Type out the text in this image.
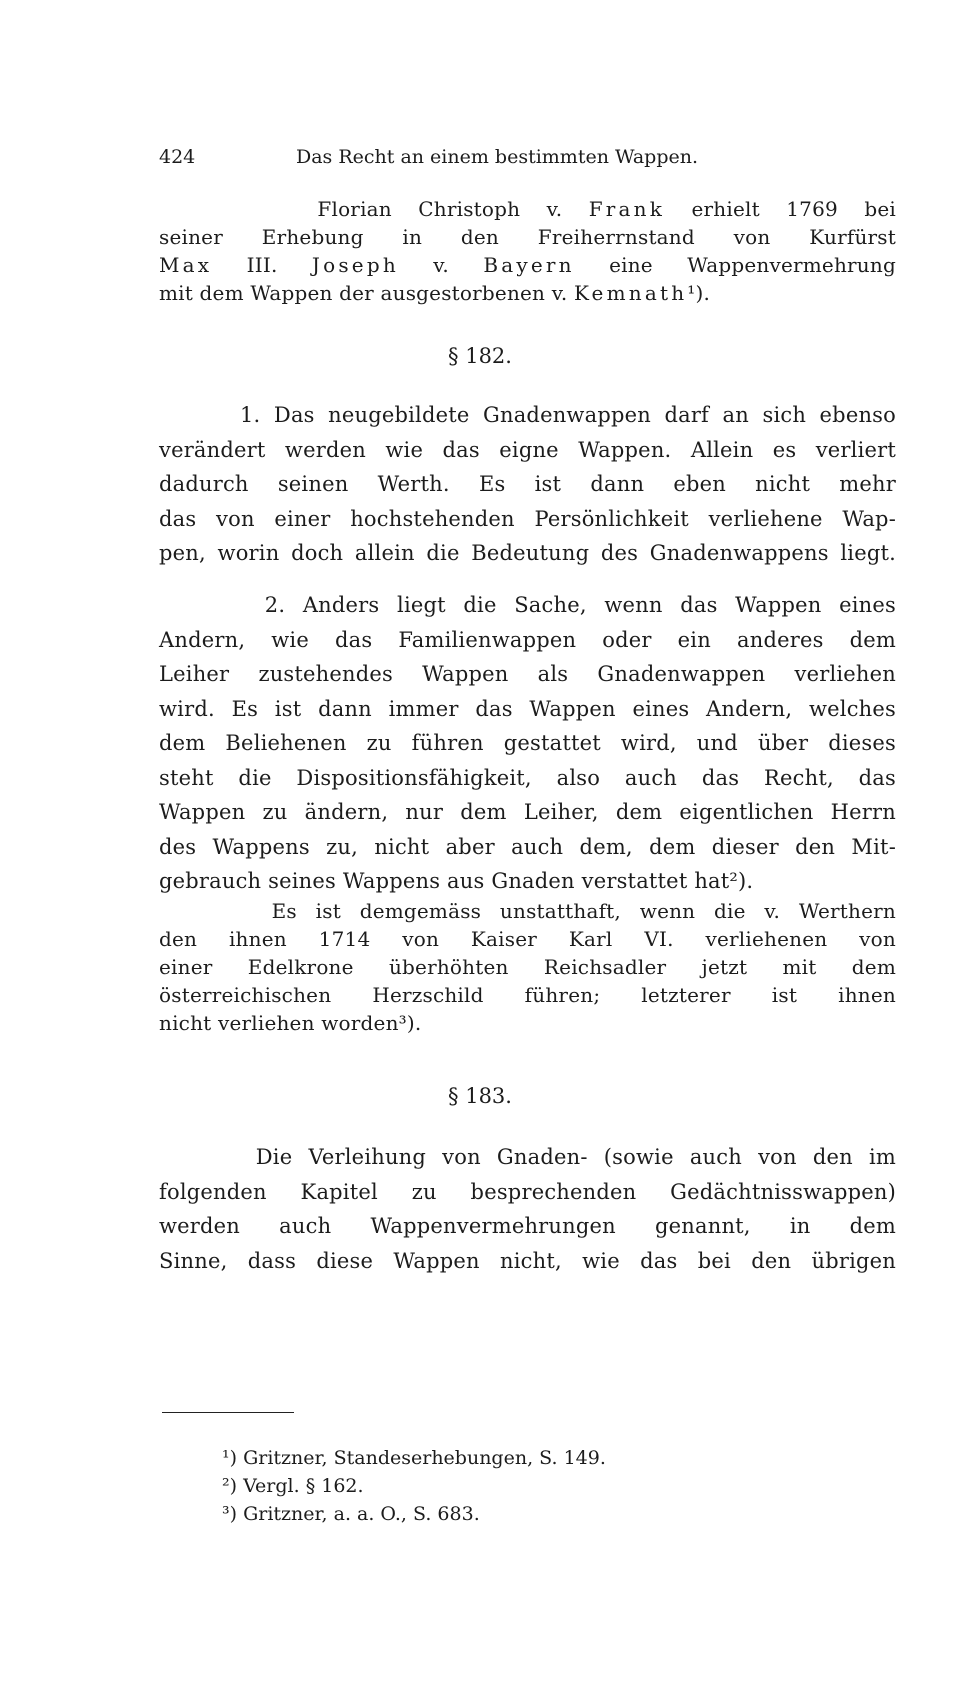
424	Das Recht an einem bestimmten Wappen.
Florian Christoph v. Frank erhielt 1769 bei
seiner Erhebung in den Freiherrnstand von Kurfürst
Max III. Joseph v. Bayern eine Wappenvermehrung
mit dem Wappen der ausgestorbenen v. Kemnath¹).
§ 182.
1. Das neugebildete Gnadenwappen darf an sich ebenso
verändert werden wie das eigne Wappen. Allein es verliert
dadurch seinen Werth. Es ist dann eben nicht mehr
das von einer hochstehenden Persönlichkeit verliehene Wap-
pen, worin doch allein die Bedeutung des Gnadenwappens liegt.
2. Anders liegt die Sache, wenn das Wappen eines
Andern, wie das Familienwappen oder ein anderes dem
Leiher zustehendes Wappen als Gnadenwappen verliehen
wird. Es ist dann immer das Wappen eines Andern, welches
dem Beliehenen zu führen gestattet wird, und über dieses
steht die Dispositionsfähigkeit, also auch das Recht, das
Wappen zu ändern, nur dem Leiher, dem eigentlichen Herrn
des Wappens zu, nicht aber auch dem, dem dieser den Mit-
gebrauch seines Wappens aus Gnaden verstattet hat²).
Es ist demgemäss unstatthaft, wenn die v. Werthern
den ihnen 1714 von Kaiser Karl VI. verliehenen von
einer Edelkrone überhöhten Reichsadler jetzt mit dem
österreichischen Herzschild führen; letzterer ist ihnen
nicht verliehen worden³).
§ 183.
Die Verleihung von Gnaden- (sowie auch von den im
folgenden Kapitel zu besprechenden Gedächtnisswappen)
werden auch Wappenvermehrungen genannt, in dem
Sinne, dass diese Wappen nicht, wie das bei den übrigen
¹) Gritzner, Standeserhebungen, S. 149.
²) Vergl. § 162.
³) Gritzner, a. a. O., S. 683.
